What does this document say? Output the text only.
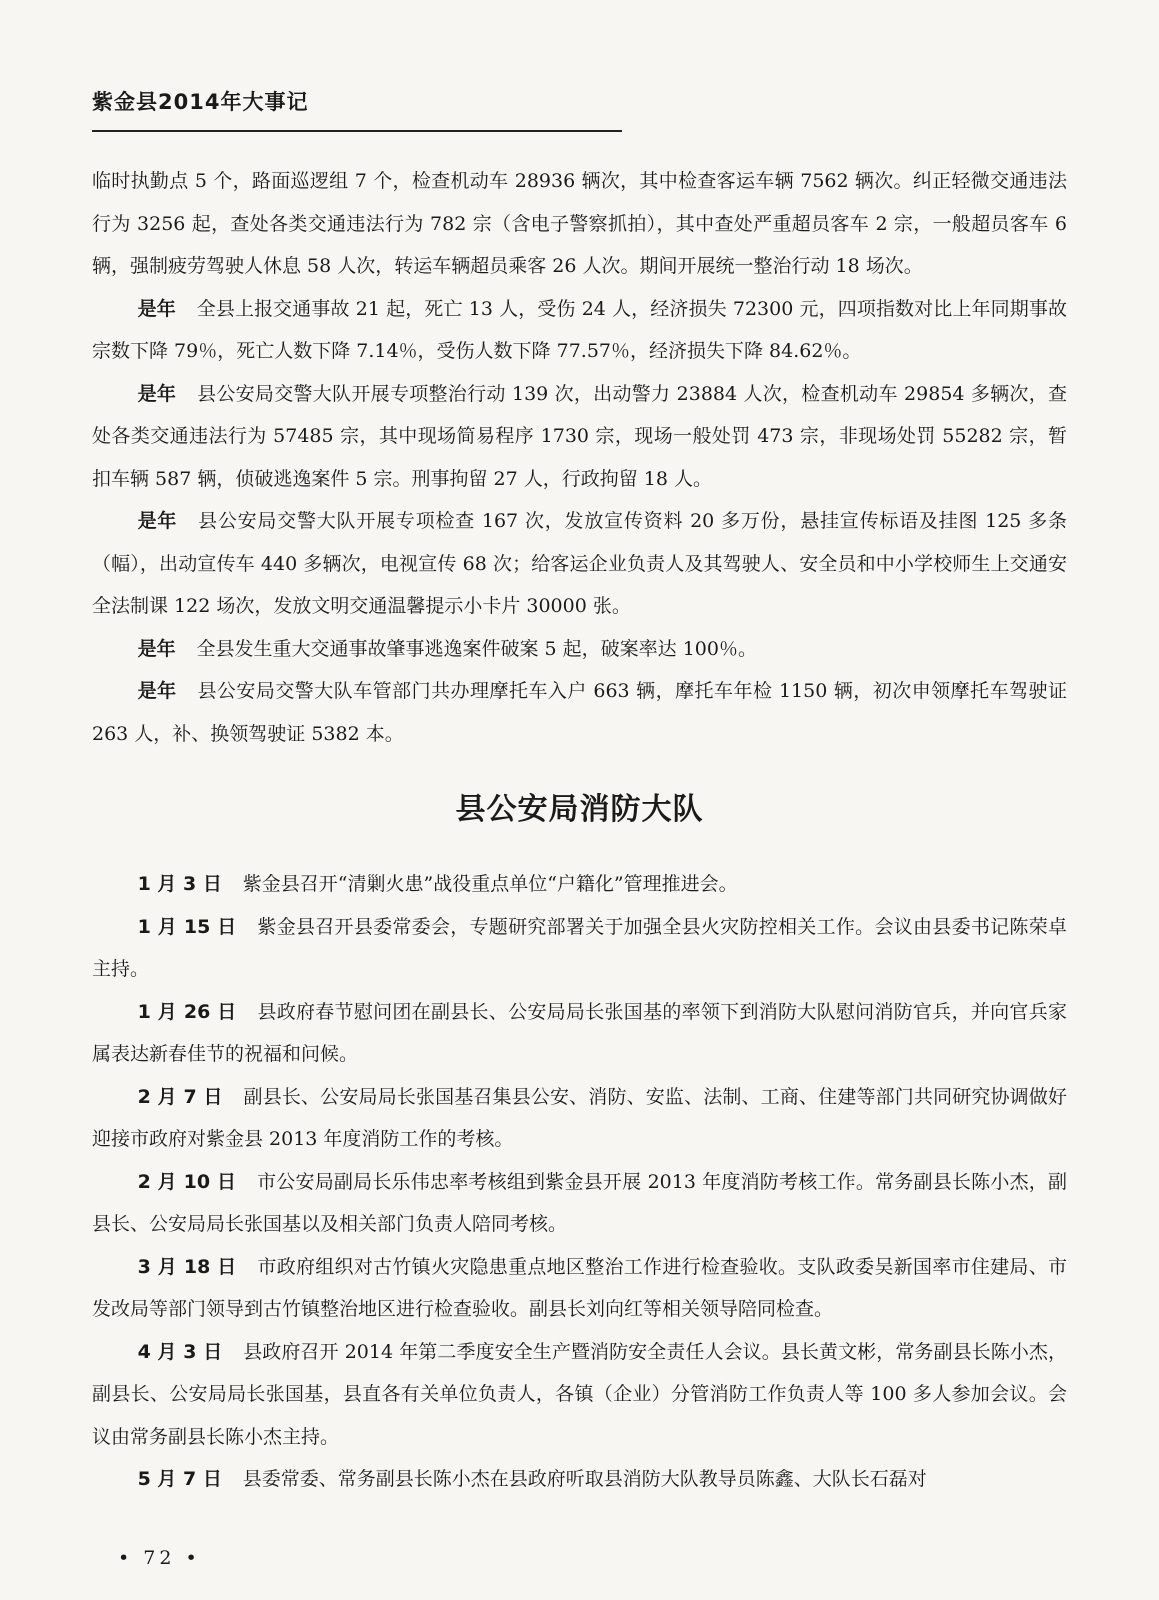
紫金县2014年大事记

临时执勤点 5 个，路面巡逻组 7 个，检查机动车 28936 辆次，其中检查客运车辆 7562 辆次。纠正轻微交通违法行为 3256 起，查处各类交通违法行为 782 宗（含电子警察抓拍），其中查处严重超员客车 2 宗，一般超员客车 6 辆，强制疲劳驾驶人休息 58 人次，转运车辆超员乘客 26 人次。期间开展统一整治行动 18 场次。

是年 全县上报交通事故 21 起，死亡 13 人，受伤 24 人，经济损失 72300 元，四项指数对比上年同期事故宗数下降 79％，死亡人数下降 7.14％，受伤人数下降 77.57％，经济损失下降 84.62％。

是年 县公安局交警大队开展专项整治行动 139 次，出动警力 23884 人次，检查机动车 29854 多辆次，查处各类交通违法行为 57485 宗，其中现场简易程序 1730 宗，现场一般处罚 473 宗，非现场处罚 55282 宗，暂扣车辆 587 辆，侦破逃逸案件 5 宗。刑事拘留 27 人，行政拘留 18 人。

是年 县公安局交警大队开展专项检查 167 次，发放宣传资料 20 多万份，悬挂宣传标语及挂图 125 多条（幅），出动宣传车 440 多辆次，电视宣传 68 次；给客运企业负责人及其驾驶人、安全员和中小学校师生上交通安全法制课 122 场次，发放文明交通温馨提示小卡片 30000 张。

是年 全县发生重大交通事故肇事逃逸案件破案 5 起，破案率达 100％。

是年 县公安局交警大队车管部门共办理摩托车入户 663 辆，摩托车年检 1150 辆，初次申领摩托车驾驶证 263 人，补、换领驾驶证 5382 本。

县公安局消防大队

1 月 3 日 紫金县召开“清剿火患”战役重点单位“户籍化”管理推进会。

1 月 15 日 紫金县召开县委常委会，专题研究部署关于加强全县火灾防控相关工作。会议由县委书记陈荣卓主持。

1 月 26 日 县政府春节慰问团在副县长、公安局局长张国基的率领下到消防大队慰问消防官兵，并向官兵家属表达新春佳节的祝福和问候。

2 月 7 日 副县长、公安局局长张国基召集县公安、消防、安监、法制、工商、住建等部门共同研究协调做好迎接市政府对紫金县 2013 年度消防工作的考核。

2 月 10 日 市公安局副局长乐伟忠率考核组到紫金县开展 2013 年度消防考核工作。常务副县长陈小杰，副县长、公安局局长张国基以及相关部门负责人陪同考核。

3 月 18 日 市政府组织对古竹镇火灾隐患重点地区整治工作进行检查验收。支队政委吴新国率市住建局、市发改局等部门领导到古竹镇整治地区进行检查验收。副县长刘向红等相关领导陪同检查。

4 月 3 日 县政府召开 2014 年第二季度安全生产暨消防安全责任人会议。县长黄文彬，常务副县长陈小杰，副县长、公安局局长张国基，县直各有关单位负责人，各镇（企业）分管消防工作负责人等 100 多人参加会议。会议由常务副县长陈小杰主持。

5 月 7 日 县委常委、常务副县长陈小杰在县政府听取县消防大队教导员陈鑫、大队长石磊对

• 72 •
